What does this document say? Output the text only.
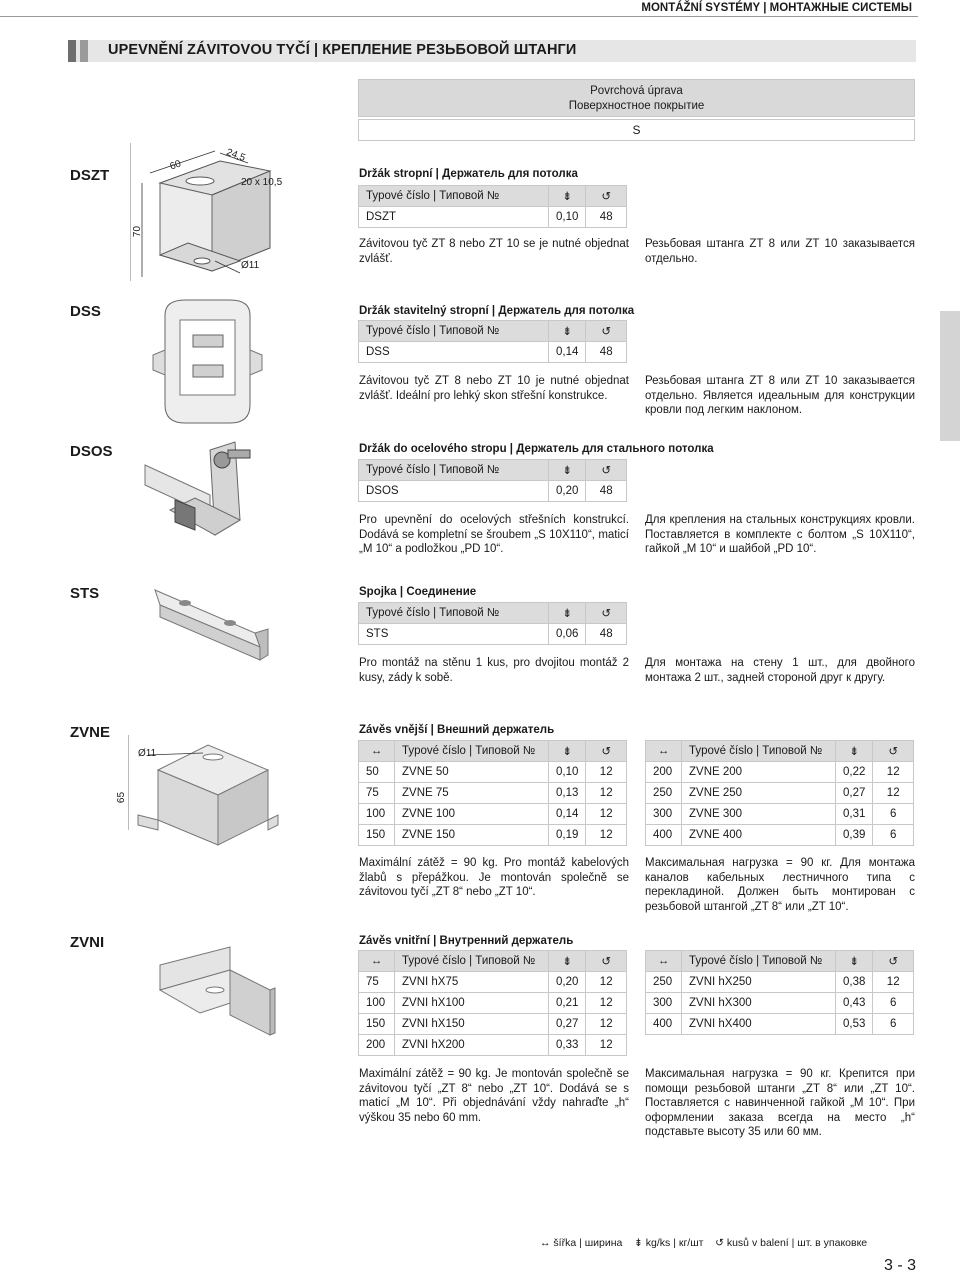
MONTÁŽNÍ SYSTÉMY | МОНТАЖНЫЕ СИСТЕМЫ
UPEVNĚNÍ ZÁVITOVOU TYČÍ | КРЕПЛЕНИЕ РЕЗЬБОВОЙ ШТАНГИ
Povrchová úprava
Поверхностное покрытие
S
DSZT
60
24,5
20 x 10,5
70
Ø11
Držák stropní | Держатель для потолка
Typové číslo | Типовой №	⇟	↺
DSZT	0,10	48
Závitovou tyč ZT 8 nebo ZT 10 se je nutné objednat zvlášť.
Резьбовая штанга ZT 8 или ZT 10 заказывается отдельно.
DSS	Držák stavitelný stropní | Держатель для потолка
Typové číslo | Типовой №	⇟	↺
DSS	0,14	48
Závitovou tyč ZT 8 nebo ZT 10 je nutné objednat zvlášť. Ideální pro lehký skon střešní konstrukce.
Резьбовая штанга ZT 8 или ZT 10 заказывается отдельно. Является идеальным для конструкции кровли под легким наклоном.
DSOS	Držák do ocelového stropu | Держатель для стального потолка
Typové číslo | Типовой №	⇟	↺
DSOS	0,20	48
Pro upevnění do ocelových střešních konstrukcí. Dodává se kompletní se šroubem „S 10X110“, maticí „M 10“ a podložkou „PD 10“.
Для крепления на стальных конструкциях кровли. Поставляется в комплекте с болтом „S 10X110“, гайкой „M 10“ и шайбой „PD 10“.
STS	Spojka | Соединение
Typové číslo | Типовой №	⇟	↺
STS	0,06	48
Pro montáž na stěnu 1 kus, pro dvojitou montáž 2 kusy, zády k sobě.
Для монтажа на стену 1 шт., для двойного монтажа 2 шт., задней стороной друг к другу.
ZVNE
Ø11
65
Závěs vnější | Внешний держатель
↔	Typové číslo | Типовой №	⇟	↺
50	ZVNE 50	0,10	12
75	ZVNE 75	0,13	12
100	ZVNE 100	0,14	12
150	ZVNE 150	0,19	12
↔	Typové číslo | Типовой №	⇟	↺
200	ZVNE 200	0,22	12
250	ZVNE 250	0,27	12
300	ZVNE 300	0,31	6
400	ZVNE 400	0,39	6
Maximální zátěž = 90 kg. Pro montáž kabelových žlabů s přepážkou. Je montován společně se závitovou tyčí „ZT 8“ nebo „ZT 10“.
Максимальная нагрузка = 90 кг. Для монтажа каналов кабельных лестничного типа с перекладиной. Должен быть монтирован с резьбовой штангой „ZT 8“ или „ZT 10“.
ZVNI	Závěs vnitřní | Внутренний держатель
↔	Typové číslo | Типовой №	⇟	↺
75	ZVNI hX75	0,20	12
100	ZVNI hX100	0,21	12
150	ZVNI hX150	0,27	12
200	ZVNI hX200	0,33	12
↔	Typové číslo | Типовой №	⇟	↺
250	ZVNI hX250	0,38	12
300	ZVNI hX300	0,43	6
400	ZVNI hX400	0,53	6
Maximální zátěž = 90 kg. Je montován společně se závitovou tyčí „ZT 8“ nebo „ZT 10“. Dodává se s maticí „M 10“. Při objednávání vždy nahraďte „h“ výškou 35 nebo 60 mm.
Максимальная нагрузка = 90 кг. Крепится при помощи резьбовой штанги „ZT 8“ или „ZT 10“. Поставляется с навинченной гайкой „M 10“. При оформлении заказа всегда на место „h“ подставьте высоту 35 или 60 мм.
↔ šířka | ширина ⇟ kg/ks | кг/шт ↺ kusů v balení | шт. в упаковке
3 - 3
